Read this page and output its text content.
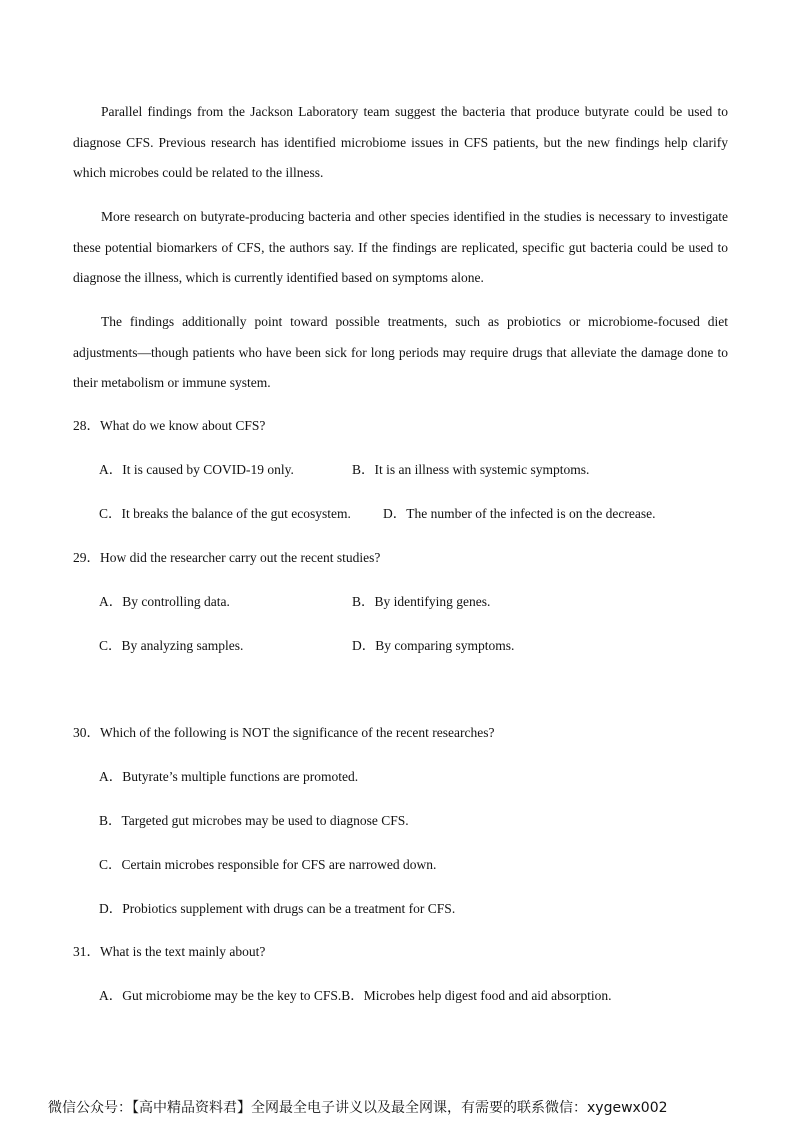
Parallel findings from the Jackson Laboratory team suggest the bacteria that produce butyrate could be used to diagnose CFS. Previous research has identified microbiome issues in CFS patients, but the new findings help clarify which microbes could be related to the illness.

More research on butyrate-producing bacteria and other species identified in the studies is necessary to investigate these potential biomarkers of CFS, the authors say. If the findings are replicated, specific gut bacteria could be used to diagnose the illness, which is currently identified based on symptoms alone.

The findings additionally point toward possible treatments, such as probiotics or microbiome-focused diet adjustments—though patients who have been sick for long periods may require drugs that alleviate the damage done to their metabolism or immune system.

28．What do we know about CFS?

A．It is caused by COVID-19 only.	B．It is an illness with systemic symptoms.

C．It breaks the balance of the gut ecosystem. D．The number of the infected is on the decrease.

29．How did the researcher carry out the recent studies?

A．By controlling data.	B．By identifying genes.

C．By analyzing samples.	D．By comparing symptoms.

30．Which of the following is NOT the significance of the recent researches?

A．Butyrate’s multiple functions are promoted.

B．Targeted gut microbes may be used to diagnose CFS.

C．Certain microbes responsible for CFS are narrowed down.

D．Probiotics supplement with drugs can be a treatment for CFS.

31．What is the text mainly about?

A．Gut microbiome may be the key to CFS.B．Microbes help digest food and aid absorption.

微信公众号：【高中精品资料君】全网最全电子讲义以及最全网课，有需要的联系微信：xygewx002
